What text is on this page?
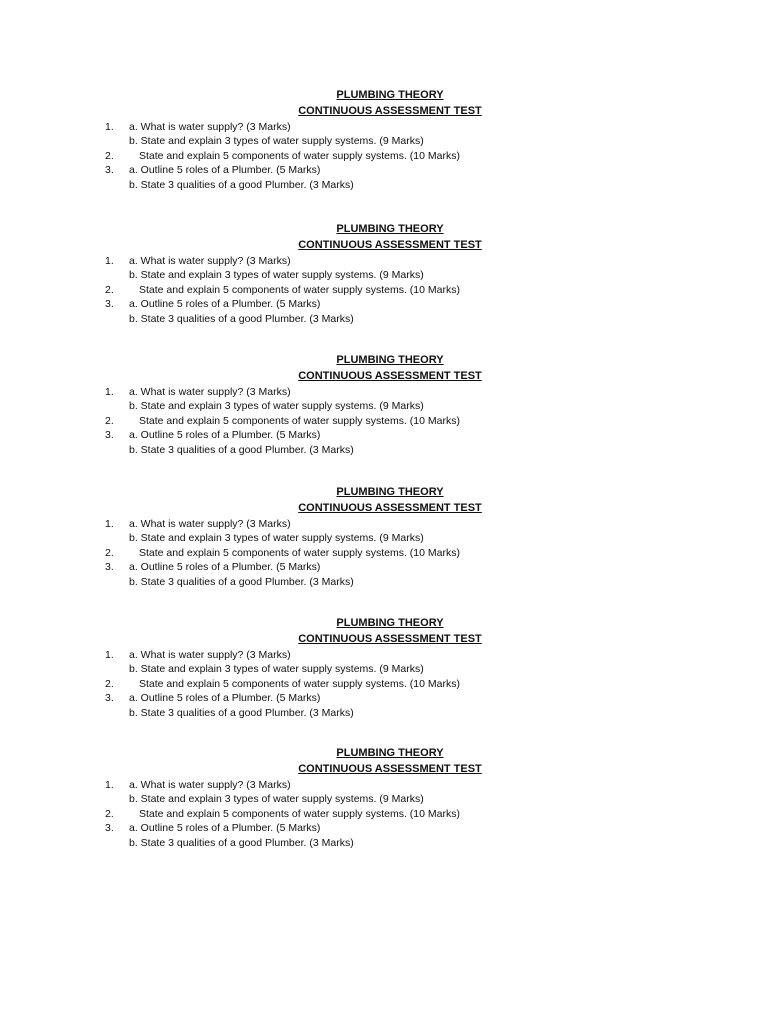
PLUMBING THEORY
CONTINUOUS ASSESSMENT TEST
1. a. What is water supply? (3 Marks)
b. State and explain 3 types of water supply systems. (9 Marks)
2. State and explain 5 components of water supply systems. (10 Marks)
3. a. Outline 5 roles of a Plumber. (5 Marks)
b. State 3 qualities of a good Plumber. (3 Marks)
PLUMBING THEORY
CONTINUOUS ASSESSMENT TEST
1. a. What is water supply? (3 Marks)
b. State and explain 3 types of water supply systems. (9 Marks)
2. State and explain 5 components of water supply systems. (10 Marks)
3. a. Outline 5 roles of a Plumber. (5 Marks)
b. State 3 qualities of a good Plumber. (3 Marks)
PLUMBING THEORY
CONTINUOUS ASSESSMENT TEST
1. a. What is water supply? (3 Marks)
b. State and explain 3 types of water supply systems. (9 Marks)
2. State and explain 5 components of water supply systems. (10 Marks)
3. a. Outline 5 roles of a Plumber. (5 Marks)
b. State 3 qualities of a good Plumber. (3 Marks)
PLUMBING THEORY
CONTINUOUS ASSESSMENT TEST
1. a. What is water supply? (3 Marks)
b. State and explain 3 types of water supply systems. (9 Marks)
2. State and explain 5 components of water supply systems. (10 Marks)
3. a. Outline 5 roles of a Plumber. (5 Marks)
b. State 3 qualities of a good Plumber. (3 Marks)
PLUMBING THEORY
CONTINUOUS ASSESSMENT TEST
1. a. What is water supply? (3 Marks)
b. State and explain 3 types of water supply systems. (9 Marks)
2. State and explain 5 components of water supply systems. (10 Marks)
3. a. Outline 5 roles of a Plumber. (5 Marks)
b. State 3 qualities of a good Plumber. (3 Marks)
PLUMBING THEORY
CONTINUOUS ASSESSMENT TEST
1. a. What is water supply? (3 Marks)
b. State and explain 3 types of water supply systems. (9 Marks)
2. State and explain 5 components of water supply systems. (10 Marks)
3. a. Outline 5 roles of a Plumber. (5 Marks)
b. State 3 qualities of a good Plumber. (3 Marks)
